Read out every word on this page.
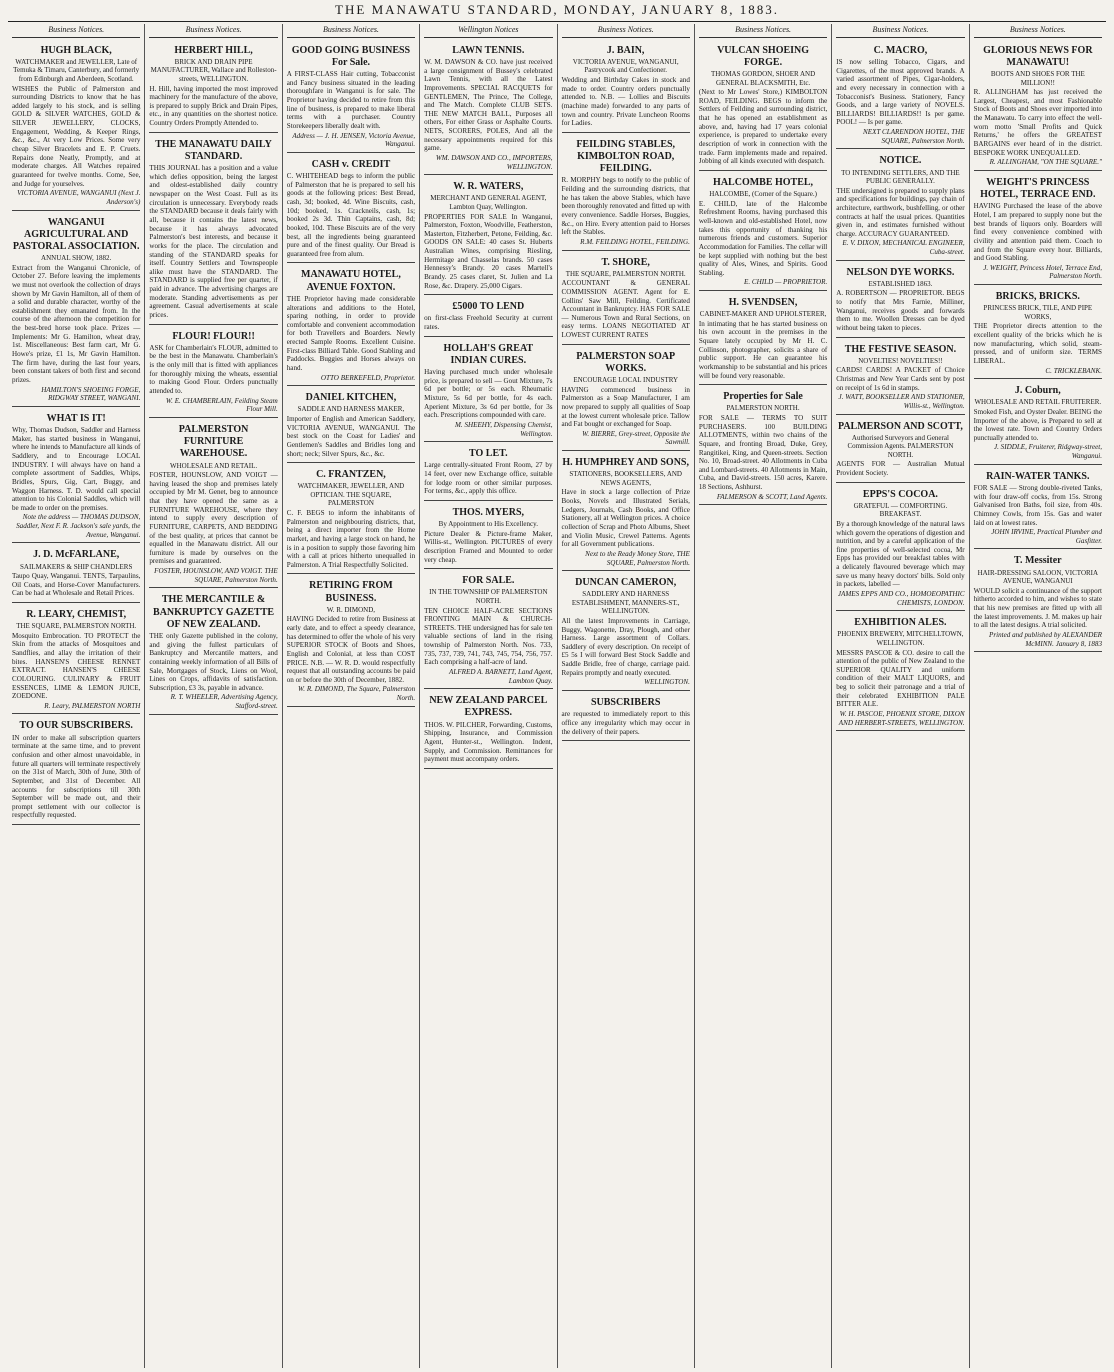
THE MANAWATU STANDARD, MONDAY, JANUARY 8, 1883.
Business Notices.
HUGH BLACK,
WATCHMAKER and JEWELLER, Late of Temuka & Timaru, Canterbury, and formerly from Edinburgh and Aberdeen, Scotland.
WISHES the Public of Palmerston and surrounding Districts to know that he has added largely to his stock, and is selling GOLD & SILVER WATCHES, GOLD & SILVER JEWELLERY, CLOCKS, Engagement, Wedding, & Keeper Rings, &c., &c., At very Low Prices. Some very cheap Silver Bracelets and E. P. Cruets. Repairs done Neatly, Promptly, and at moderate charges. All Watches repaired guaranteed for twelve months. Come, See, and Judge for yourselves.
VICTORIA AVENUE, WANGANUI (Next J. Anderson's)
WANGANUI AGRICULTURAL AND PASTORAL ASSOCIATION.
ANNUAL SHOW, 1882.
Extract from the Wanganui Chronicle, of October 27. Before leaving the implements we must not overlook the collection of drays shown by Mr Gavin Hamilton, all of them of a solid and durable character, worthy of the establishment they emanated from. In the course of the afternoon the competition for the best-bred horse took place. Prizes — Implements: Mr G. Hamilton, wheat dray, 1st. Miscellaneous: Best farm cart, Mr G. Howe's prize, £1 1s, Mr Gavin Hamilton. The firm have, during the last four years, been constant takers of both first and second prizes.
HAMILTON'S SHOEING FORGE, RIDGWAY STREET, WANGANI.
WHAT IS IT!
Why, Thomas Dudson, Saddler and Harness Maker, has started business in Wanganui, where he intends to Manufacture all kinds of Saddlery, and to Encourage LOCAL INDUSTRY. I will always have on hand a complete assortment of Saddles, Whips, Bridles, Spurs, Gig, Cart, Buggy, and Waggon Harness. T. D. would call special attention to his Colonial Saddles, which will be made to order on the premises.
Note the address — THOMAS DUDSON, Saddler, Next F. R. Jackson's sale yards, the Avenue, Wanganui.
J. D. McFARLANE,
SAILMAKERS & SHIP CHANDLERS
Taupo Quay, Wanganui. TENTS, Tarpaulins, Oil Coats, and Horse-Cover Manufacturers. Can be had at Wholesale and Retail Prices.
R. LEARY, CHEMIST,
THE SQUARE, PALMERSTON NORTH.
Mosquito Embrocation. TO PROTECT the Skin from the attacks of Mosquitoes and Sandflies, and allay the irritation of their bites. HANSEN'S CHEESE RENNET EXTRACT. HANSEN'S CHEESE COLOURING. CULINARY & FRUIT ESSENCES, LIME & LEMON JUICE, ZOEDONE.
R. Leary, PALMERSTON NORTH
TO OUR SUBSCRIBERS.
IN order to make all subscription quarters terminate at the same time, and to prevent confusion and other almost unavoidable, in future all quarters will terminate respectively on the 31st of March, 30th of June, 30th of September, and 31st of December. All accounts for subscriptions till 30th September will be made out, and their prompt settlement with our collector is respectfully requested.
Business Notices.
HERBERT HILL,
BRICK AND DRAIN PIPE MANUFACTURER, Wallace and Rolleston-streets, WELLINGTON.
H. Hill, having imported the most improved machinery for the manufacture of the above, is prepared to supply Brick and Drain Pipes, etc., in any quantities on the shortest notice. Country Orders Promptly Attended to.
THE MANAWATU DAILY STANDARD.
THIS JOURNAL has a position and a value which defies opposition, being the largest and oldest-established daily country newspaper on the West Coast. Full as its circulation is unnecessary. Everybody reads the STANDARD because it deals fairly with all, because it contains the latest news, because it has always advocated Palmerston's best interests, and because it works for the place. The circulation and standing of the STANDARD speaks for itself. Country Settlers and Townspeople alike must have the STANDARD. The STANDARD is supplied free per quarter, if paid in advance. The advertising charges are moderate. Standing advertisements as per agreement. Casual advertisements at scale prices.
FLOUR! FLOUR!!
ASK for Chamberlain's FLOUR, admitted to be the best in the Manawatu. Chamberlain's is the only mill that is fitted with appliances for thoroughly mixing the wheats, essential to making Good Flour. Orders punctually attended to.
W. E. CHAMBERLAIN, Feilding Steam Flour Mill.
PALMERSTON FURNITURE WAREHOUSE.
WHOLESALE AND RETAIL.
FOSTER, HOUNSLOW, AND VOIGT — having leased the shop and premises lately occupied by Mr M. Genet, beg to announce that they have opened the same as a FURNITURE WAREHOUSE, where they intend to supply every description of FURNITURE, CARPETS, AND BEDDING of the best quality, at prices that cannot be equalled in the Manawatu district. All our furniture is made by ourselves on the premises and guaranteed.
FOSTER, HOUNSLOW, AND VOIGT. THE SQUARE, Palmerston North.
THE MERCANTILE & BANKRUPTCY GAZETTE OF NEW ZEALAND.
THE only Gazette published in the colony, and giving the fullest particulars of Bankruptcy and Mercantile matters, and containing weekly information of all Bills of Sale, Mortgages of Stock, Liens on Wool, Lines on Crops, affidavits of satisfaction. Subscription, £3 3s, payable in advance.
R. T. WHEELER, Advertising Agency, Stafford-street.
Business Notices.
GOOD GOING BUSINESS For Sale.
A FIRST-CLASS Hair cutting, Tobacconist and Fancy business situated in the leading thoroughfare in Wanganui is for sale. The Proprietor having decided to retire from this line of business, is prepared to make liberal terms with a purchaser. Country Storekeepers liberally dealt with.
Address — J. H. JENSEN, Victoria Avenue, Wanganui.
CASH v. CREDIT
C. WHITEHEAD begs to inform the public of Palmerston that he is prepared to sell his goods at the following prices: Best Bread, cash, 3d; booked, 4d. Wine Biscuits, cash, 10d; booked, 1s. Crackneils, cash, 1s; booked 2s 3d. Thin Captains, cash, 8d; booked, 10d. These Biscuits are of the very best, all the ingredients being guaranteed pure and of the finest quality. Our Bread is guaranteed free from alum.
MANAWATU HOTEL, AVENUE FOXTON.
THE Proprietor having made considerable alterations and additions to the Hotel, sparing nothing, in order to provide comfortable and convenient accommodation for both Travellers and Boarders. Newly erected Sample Rooms. Excellent Cuisine. First-class Billiard Table. Good Stabling and Paddocks. Buggies and Horses always on hand.
OTTO BERKEFELD, Proprietor.
DANIEL KITCHEN,
SADDLE AND HARNESS MAKER,
Importer of English and American Saddlery, VICTORIA AVENUE, WANGANUI. The best stock on the Coast for Ladies' and Gentlemen's Saddles and Bridles long and short; neck; Silver Spurs, &c., &c.
C. FRANTZEN,
WATCHMAKER, JEWELLER, AND OPTICIAN. THE SQUARE, PALMERSTON
C. F. BEGS to inform the inhabitants of Palmerston and neighbouring districts, that, being a direct importer from the Home market, and having a large stock on hand, he is in a position to supply those favoring him with a call at prices hitherto unequalled in Palmerston. A Trial Respectfully Solicited.
RETIRING FROM BUSINESS.
W. R. DIMOND,
HAVING Decided to retire from Business at early date, and to effect a speedy clearance, has determined to offer the whole of his very SUPERIOR STOCK of Boots and Shoes, English and Colonial, at less than COST PRICE. N.B. — W. R. D. would respectfully request that all outstanding accounts be paid on or before the 30th of December, 1882.
W. R. DIMOND, The Square, Palmerston North.
Wellington Notices
LAWN TENNIS.
W. M. DAWSON & CO. have just received a large consignment of Bussey's celebrated Lawn Tennis, with all the Latest Improvements. SPECIAL RACQUETS for GENTLEMEN, The Prince, The College, and The Match. Complete CLUB SETS. THE NEW MATCH BALL, Purposes all others, For either Grass or Asphalte Courts. NETS, SCORERS, POLES, And all the necessary appointments required for this game.
WM. DAWSON AND CO., IMPORTERS, WELLINGTON.
W. R. WATERS,
MERCHANT AND GENERAL AGENT, Lambton Quay, Wellington.
PROPERTIES FOR SALE In Wanganui, Palmerston, Foxton, Woodville, Featherston, Masterton, Fitzherbert, Petone, Feilding, &c. GOODS ON SALE: 40 cases St. Huberts Australian Wines, comprising Riesling, Hermitage and Chasselas brands. 50 cases Hennessy's Brandy. 20 cases Martell's Brandy. 25 cases claret, St. Julien and La Rose, &c. Drapery. 25,000 Cigars.
£5000 TO LEND
on first-class Freehold Security at current rates.
HOLLAH'S GREAT INDIAN CURES.
Having purchased much under wholesale price, is prepared to sell — Gout Mixture, 7s 6d per bottle; or 5s each. Rheumatic Mixture, 5s 6d per bottle, for 4s each. Aperient Mixture, 3s 6d per bottle, for 3s each. Prescriptions compounded with care.
M. SHEEHY, Dispensing Chemist, Wellington.
TO LET.
Large centrally-situated Front Room, 27 by 14 feet, over new Exchange office, suitable for lodge room or other similar purposes. For terms, &c., apply this office.
THOS. MYERS,
By Appointment to His Excellency.
Picture Dealer & Picture-frame Maker, Willis-st., Wellington. PICTURES of every description Framed and Mounted to order very cheap.
FOR SALE.
IN THE TOWNSHIP OF PALMERSTON NORTH.
TEN CHOICE HALF-ACRE SECTIONS FRONTING MAIN & CHURCH-STREETS. THE undersigned has for sale ten valuable sections of land in the rising township of Palmerston North. Nos. 733, 735, 737, 739, 741, 743, 745, 754, 756, 757. Each comprising a half-acre of land.
ALFRED A. BARNETT, Land Agent, Lambton Quay.
NEW ZEALAND PARCEL EXPRESS.
THOS. W. PILCHER, Forwarding, Customs, Shipping, Insurance, and Commission Agent, Hunter-st., Wellington. Indent, Supply, and Commission. Remittances for payment must accompany orders.
Business Notices.
J. BAIN,
VICTORIA AVENUE, WANGANUI, Pastrycook and Confectioner.
Wedding and Birthday Cakes in stock and made to order. Country orders punctually attended to. N.B. — Lollies and Biscuits (machine made) forwarded to any parts of town and country. Private Luncheon Rooms for Ladies.
FEILDING STABLES, KIMBOLTON ROAD, FEILDING.
R. MORPHY begs to notify to the public of Feilding and the surrounding districts, that he has taken the above Stables, which have been thoroughly renovated and fitted up with every convenience. Saddle Horses, Buggies, &c., on Hire. Every attention paid to Horses left the Stables.
R.M. FEILDING HOTEL, FEILDING.
T. SHORE,
THE SQUARE, PALMERSTON NORTH.
ACCOUNTANT & GENERAL COMMISSION AGENT. Agent for E. Collins' Saw Mill, Feilding. Certificated Accountant in Bankruptcy. HAS FOR SALE — Numerous Town and Rural Sections, on easy terms. LOANS NEGOTIATED AT LOWEST CURRENT RATES
PALMERSTON SOAP WORKS.
ENCOURAGE LOCAL INDUSTRY
HAVING commenced business in Palmerston as a Soap Manufacturer, I am now prepared to supply all qualities of Soap at the lowest current wholesale price. Tallow and Fat bought or exchanged for Soap.
W. BIERRE, Grey-street, Opposite the Sawmill.
H. HUMPHREY AND SONS,
STATIONERS, BOOKSELLERS, AND NEWS AGENTS,
Have in stock a large collection of Prize Books, Novels and Illustrated Serials, Ledgers, Journals, Cash Books, and Office Stationery, all at Wellington prices. A choice collection of Scrap and Photo Albums, Sheet and Violin Music, Crewel Patterns. Agents for all Government publications.
Next to the Ready Money Store, THE SQUARE, Palmerston North.
DUNCAN CAMERON,
SADDLERY AND HARNESS ESTABLISHMENT, MANNERS-ST., WELLINGTON.
All the latest Improvements in Carriage, Buggy, Wagonette, Dray, Plough, and other Harness. Large assortment of Collars. Saddlery of every description. On receipt of £5 5s I will forward Best Stock Saddle and Saddle Bridle, free of charge, carriage paid. Repairs promptly and neatly executed.
WELLINGTON.
SUBSCRIBERS
are requested to immediately report to this office any irregularity which may occur in the delivery of their papers.
Business Notices.
VULCAN SHOEING FORGE.
THOMAS GORDON, SHOER AND GENERAL BLACKSMITH, Etc.
(Next to Mr Lowes' Store,) KIMBOLTON ROAD, FEILDING. BEGS to inform the Settlers of Feilding and surrounding district, that he has opened an establishment as above, and, having had 17 years colonial experience, is prepared to undertake every description of work in connection with the trade. Farm implements made and repaired. Jobbing of all kinds executed with despatch.
HALCOMBE HOTEL,
HALCOMBE, (Corner of the Square.)
E. CHILD, late of the Halcombe Refreshment Rooms, having purchased this well-known and old-established Hotel, now takes this opportunity of thanking his numerous friends and customers. Superior Accommodation for Families. The cellar will be kept supplied with nothing but the best quality of Ales, Wines, and Spirits. Good Stabling.
E. CHILD — PROPRIETOR.
H. SVENDSEN,
CABINET-MAKER AND UPHOLSTERER,
In intimating that he has started business on his own account in the premises in the Square lately occupied by Mr H. C. Collinson, photographer, solicits a share of public support. He can guarantee his workmanship to be substantial and his prices will be found very reasonable.
Properties for Sale
PALMERSTON NORTH.
FOR SALE — TERMS TO SUIT PURCHASERS. 100 BUILDING ALLOTMENTS, within two chains of the Square, and fronting Broad, Duke, Grey, Rangitikei, King, and Queen-streets. Section No. 10, Broad-street. 40 Allotments in Cuba and Lombard-streets. 40 Allotments in Main, Cuba, and David-streets. 150 acres, Karere. 18 Sections, Ashhurst.
FALMERSON & SCOTT, Land Agents.
Business Notices.
C. MACRO,
IS now selling Tobacco, Cigars, and Cigarettes, of the most approved brands. A varied assortment of Pipes, Cigar-holders, and every necessary in connection with a Tobacconist's Business. Stationery, Fancy Goods, and a large variety of NOVELS. BILLIARDS! BILLIARDS!! Is per game. POOL! — Is per game.
NEXT CLARENDON HOTEL, THE SQUARE, Palmerston North.
NOTICE.
TO INTENDING SETTLERS, AND THE PUBLIC GENERALLY.
THE undersigned is prepared to supply plans and specifications for buildings, pay chain of architecture, earthwork, bushfelling, or other contracts at half the usual prices. Quantities given in, and estimates furnished without charge. ACCURACY GUARANTEED.
E. V. DIXON, MECHANICAL ENGINEER, Cuba-street.
NELSON DYE WORKS.
ESTABLISHED 1863.
A. ROBERTSON — PROPRIETOR. BEGS to notify that Mrs Farnie, Milliner, Wanganui, receives goods and forwards them to me. Woollen Dresses can be dyed without being taken to pieces.
THE FESTIVE SEASON.
NOVELTIES! NOVELTIES!!
CARDS! CARDS! A PACKET of Choice Christmas and New Year Cards sent by post on receipt of 1s 6d in stamps.
J. WATT, BOOKSELLER AND STATIONER, Willis-st., Wellington.
PALMERSON AND SCOTT,
Authorised Surveyors and General Commission Agents. PALMERSTON NORTH.
AGENTS FOR — Australian Mutual Provident Society.
EPPS'S COCOA.
GRATEFUL — COMFORTING. BREAKFAST.
By a thorough knowledge of the natural laws which govern the operations of digestion and nutrition, and by a careful application of the fine properties of well-selected cocoa, Mr Epps has provided our breakfast tables with a delicately flavoured beverage which may save us many heavy doctors' bills. Sold only in packets, labelled —
JAMES EPPS AND CO., HOMOEOPATHIC CHEMISTS, LONDON.
EXHIBITION ALES.
PHOENIX BREWERY, MITCHELLTOWN, WELLINGTON.
MESSRS PASCOE & CO. desire to call the attention of the public of New Zealand to the SUPERIOR QUALITY and uniform condition of their MALT LIQUORS, and beg to solicit their patronage and a trial of their celebrated EXHIBITION PALE BITTER ALE.
W. H. PASCOE, PHOENIX STORE, DIXON AND HERBERT-STREETS, WELLINGTON.
Business Notices.
GLORIOUS NEWS FOR MANAWATU!
BOOTS AND SHOES FOR THE MILLION!!
R. ALLINGHAM has just received the Largest, Cheapest, and most Fashionable Stock of Boots and Shoes ever imported into the Manawatu. To carry into effect the well-worn motto 'Small Profits and Quick Returns,' he offers the GREATEST BARGAINS ever heard of in the district. BESPOKE WORK UNEQUALLED.
R. ALLINGHAM, "ON THE SQUARE."
WEIGHT'S PRINCESS HOTEL, TERRACE END.
HAVING Purchased the lease of the above Hotel, I am prepared to supply none but the best brands of liquors only. Boarders will find every convenience combined with civility and attention paid them. Coach to and from the Square every hour. Billiards, and Good Stabling.
J. WEIGHT, Princess Hotel, Terrace End, Palmerston North.
BRICKS, BRICKS.
PRINCESS BRICK, TILE, AND PIPE WORKS,
THE Proprietor directs attention to the excellent quality of the bricks which he is now manufacturing, which solid, steam-pressed, and of uniform size. TERMS LIBERAL.
C. TRICKLEBANK.
J. Coburn,
WHOLESALE AND RETAIL FRUITERER.
Smoked Fish, and Oyster Dealer. BEING the Importer of the above, is Prepared to sell at the lowest rate. Town and Country Orders punctually attended to.
J. SIDDLE, Fruiterer, Ridgway-street, Wanganui.
RAIN-WATER TANKS.
FOR SALE — Strong double-riveted Tanks, with four draw-off cocks, from 15s. Strong Galvanised Iron Baths, foil size, from 40s. Chimney Cowls, from 15s. Gas and water laid on at lowest rates.
JOHN IRVINE, Practical Plumber and Gasfitter.
T. Messiter
HAIR-DRESSING SALOON, VICTORIA AVENUE, WANGANUI
WOULD solicit a continuance of the support hitherto accorded to him, and wishes to state that his new premises are fitted up with all the latest improvements. J. M. makes up hair to all the latest designs. A trial solicited.
Printed and published by ALEXANDER McMINN. January 8, 1883
